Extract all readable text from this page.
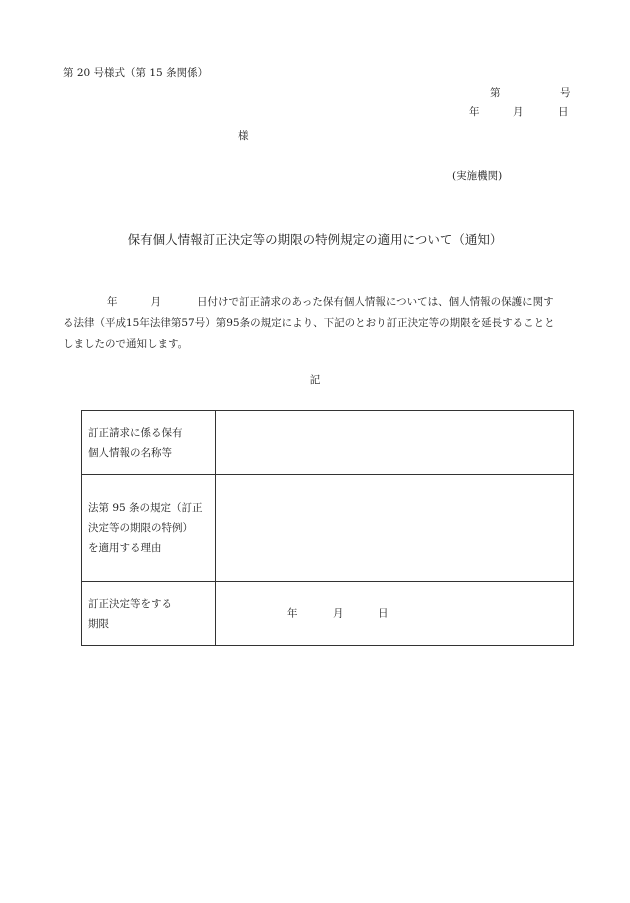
第 20 号様式（第 15 条関係）
第	号
年	月	日
様
(実施機関)
保有個人情報訂正決定等の期限の特例規定の適用について（通知）
年	月	日付けで訂正請求のあった保有個人情報については、個人情報の保護に関す
る法律（平成15年法律第57号）第95条の規定により、下記のとおり訂正決定等の期限を延長することと
しましたので通知します。
記
訂正請求に係る保有
個人情報の名称等	
法第 95 条の規定（訂正
決定等の期限の特例）
を適用する理由	
訂正決定等をする
期限	年 月 日
